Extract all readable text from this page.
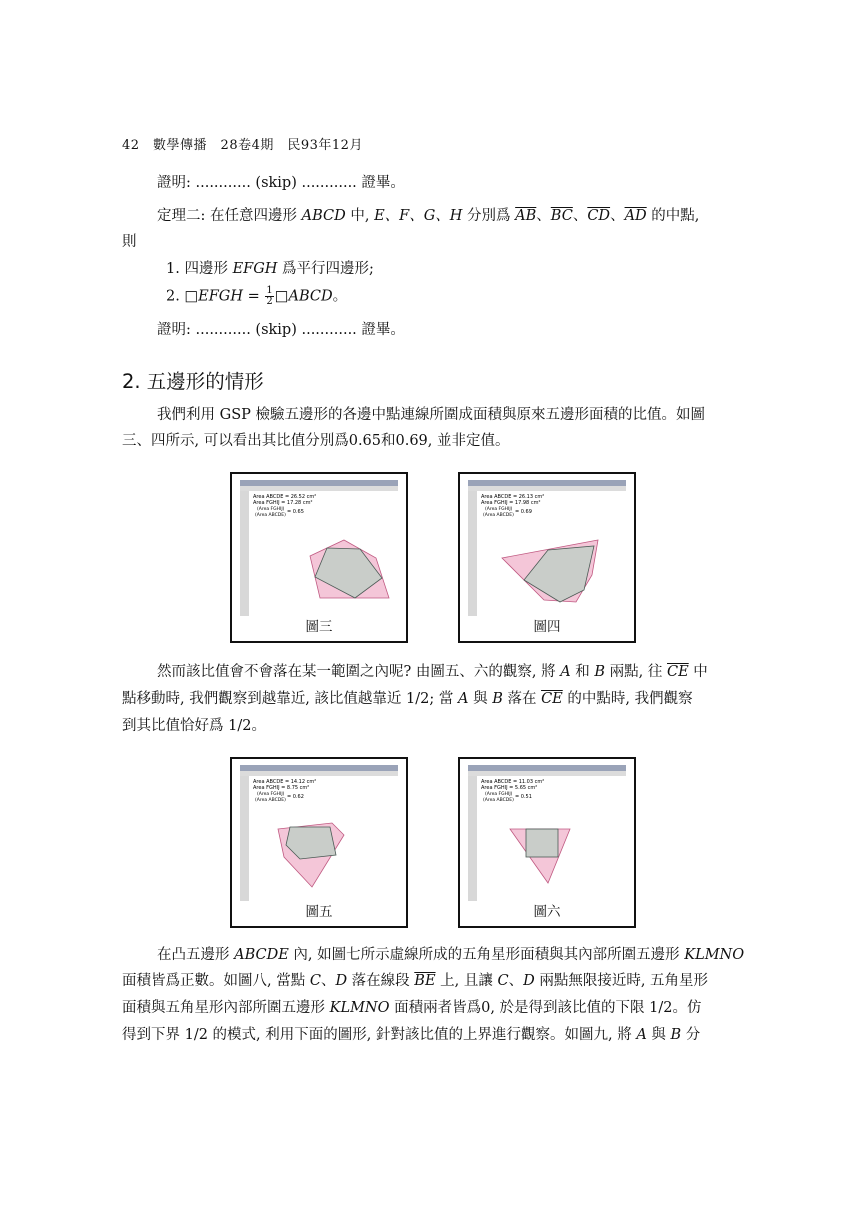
42　數學傳播　28卷4期　民93年12月
證明: ............ (skip) ............ 證畢。
定理二: 在任意四邊形 ABCD 中, E、F、G、H 分別爲 $\overline{AB}$、$\overline{BC}$、$\overline{CD}$、$\overline{AD}$ 的中點,
則
1. 四邊形 EFGH 爲平行四邊形;
2. □EFGH = $\frac{1}{2}$ □ABCD。
證明: ............ (skip) ............ 證畢。
2. 五邊形的情形
我們利用 GSP 檢驗五邊形的各邊中點連線所圍成面積與原來五邊形面積的比值。如圖
三、四所示, 可以看出其比值分別爲0.65和0.69, 並非定值。
Area ABCDE = 26.52 cm²
Area FGHIJ = 17.28 cm²
(Area FGHIJ)
(Area ABCDE)
= 0.65
圖三
Area ABCDE = 26.13 cm²
Area FGHIJ = 17.98 cm²
(Area FGHIJ)
(Area ABCDE)
= 0.69
圖四
然而該比值會不會落在某一範圍之內呢? 由圖五、六的觀察, 將 A 和 B 兩點, 往 $\overline{CE}$ 中
點移動時, 我們觀察到越靠近, 該比值越靠近 1/2; 當 A 與 B 落在 $\overline{CE}$ 的中點時, 我們觀察
到其比值恰好爲 1/2。
Area ABCDE = 14.12 cm²
Area FGHIJ = 8.75 cm²
(Area FGHIJ)
(Area ABCDE)
= 0.62
圖五
Area ABCDE = 11.03 cm²
Area FGHIJ = 5.65 cm²
(Area FGHIJ)
(Area ABCDE)
= 0.51
圖六
在凸五邊形 ABCDE 內, 如圖七所示虛線所成的五角星形面積與其內部所圍五邊形 KLMNO
面積皆爲正數。如圖八, 當點 C、D 落在線段 $\overline{BE}$ 上, 且讓 C、D 兩點無限接近時, 五角星形
面積與五角星形內部所圍五邊形 KLMNO 面積兩者皆爲0, 於是得到該比值的下限 1/2。仿
得到下界 1/2 的模式, 利用下面的圖形, 針對該比值的上界進行觀察。如圖九, 將 A 與 B 分
